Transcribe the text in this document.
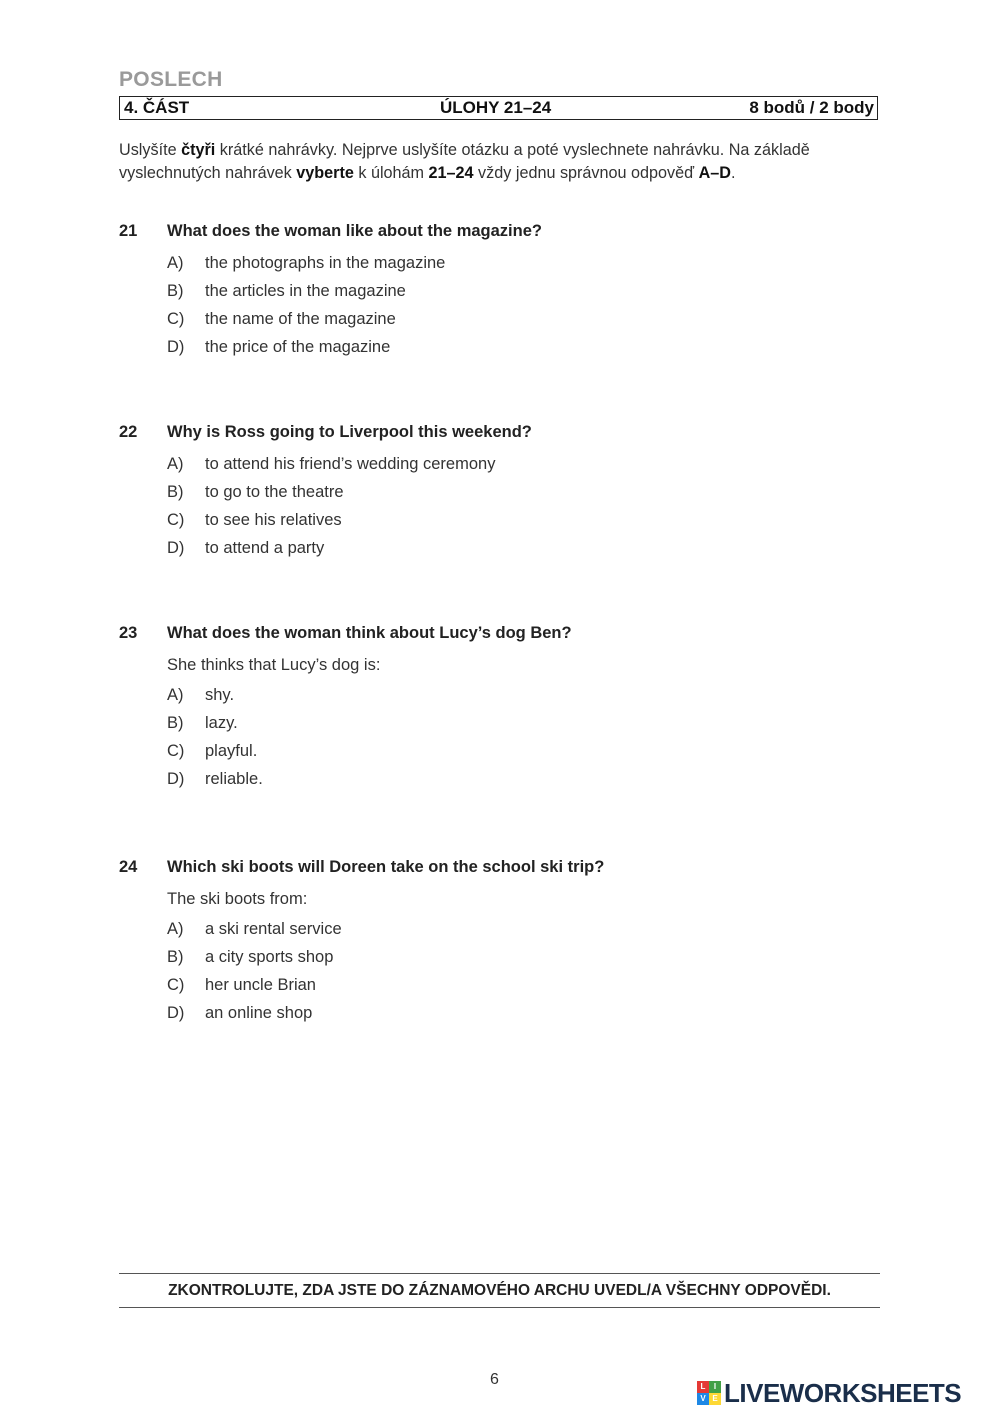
POSLECH
4. ČÁST	ÚLOHY 21–24	8 bodů / 2 body
Uslyšíte čtyři krátké nahrávky. Nejprve uslyšíte otázku a poté vyslechnete nahrávku. Na základě vyslechnutých nahrávek vyberte k úlohám 21–24 vždy jednu správnou odpověď A–D.
21	What does the woman like about the magazine?
A)	the photographs in the magazine
B)	the articles in the magazine
C)	the name of the magazine
D)	the price of the magazine
22	Why is Ross going to Liverpool this weekend?
A)	to attend his friend’s wedding ceremony
B)	to go to the theatre
C)	to see his relatives
D)	to attend a party
23	What does the woman think about Lucy’s dog Ben?
She thinks that Lucy’s dog is:
A)	shy.
B)	lazy.
C)	playful.
D)	reliable.
24	Which ski boots will Doreen take on the school ski trip?
The ski boots from:
A)	a ski rental service
B)	a city sports shop
C)	her uncle Brian
D)	an online shop
ZKONTROLUJTE, ZDA JSTE DO ZÁZNAMOVÉHO ARCHU UVEDL/A VŠECHNY ODPOVĚDI.
6	L	I
V E LIVEWORKSHEETS
